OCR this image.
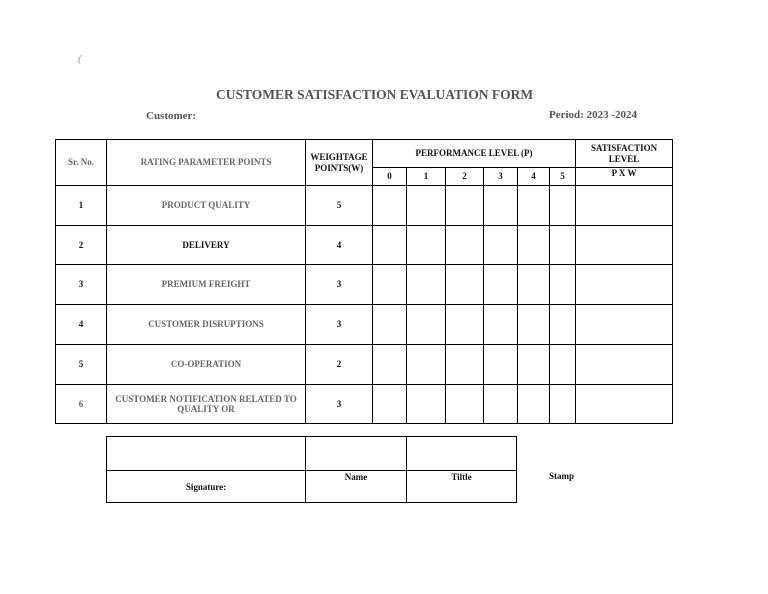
(
CUSTOMER SATISFACTION EVALUATION FORM
Customer:	Period: 2023 -2024
Sr. No.	RATING PARAMETER POINTS	WEIGHTAGE POINTS(W)	PERFORMANCE LEVEL (P)						SATISFACTION LEVEL
			0	1	2	3	4	5	P X W
1	PRODUCT QUALITY	5							
2	DELIVERY	4							
3	PREMIUM FREIGHT	3							
4	CUSTOMER DISRUPTIONS	3							
5	CO-OPERATION	2							
6	CUSTOMER NOTIFICATION RELATED TO QUALITY OR	3							

Signature:	Name	Tiltle	Stamp
